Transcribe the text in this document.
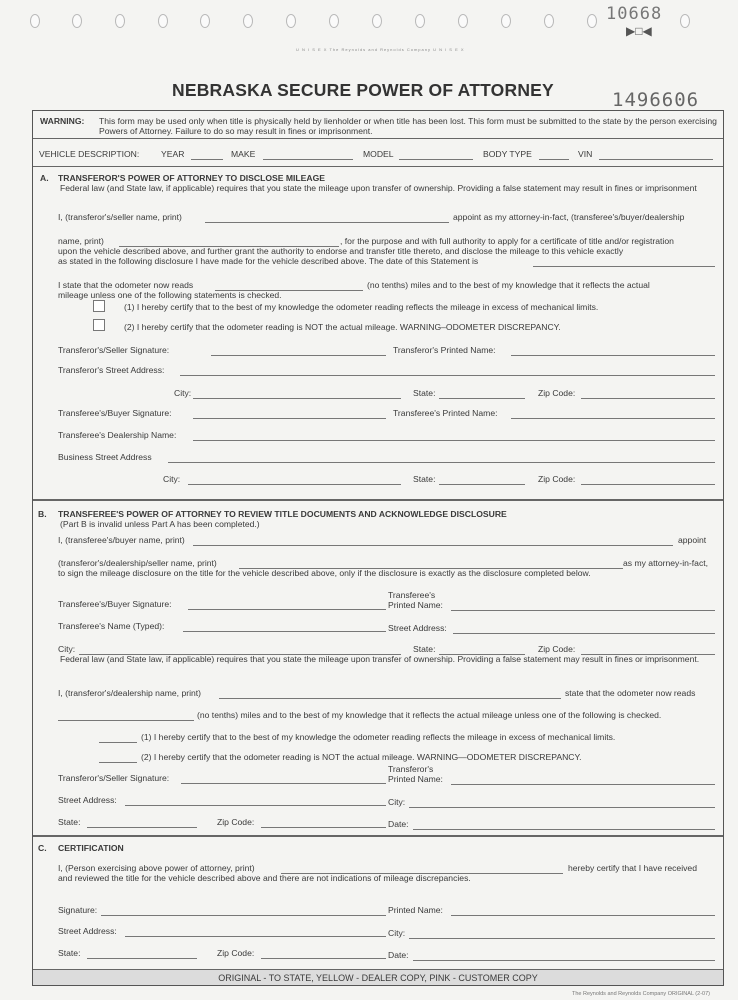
10668
▶□◀
U N I S E X The Reynolds and Reynolds Company U N I S E X
NEBRASKA SECURE POWER OF ATTORNEY	1496606
WARNING: This form may be used only when title is physically held by lienholder or when title has been lost. This form must be submitted to the state by the person exercising Powers of Attorney. Failure to do so may result in fines or imprisonment.
VEHICLE DESCRIPTION:	YEAR	MAKE	MODEL	BODY TYPE	VIN
A. TRANSFEROR'S POWER OF ATTORNEY TO DISCLOSE MILEAGE
Federal law (and State law, if applicable) requires that you state the mileage upon transfer of ownership. Providing a false statement may result in fines or imprisonment
I, (transferor's/seller name, print)	appoint as my attorney-in-fact, (transferee's/buyer/dealership
name, print)	, for the purpose and with full authority to apply for a certificate of title and/or registration
upon the vehicle described above, and further grant the authority to endorse and transfer title thereto, and disclose the mileage to this vehicle exactly
as stated in the following disclosure I have made for the vehicle described above. The date of this Statement is
I state that the odometer now reads	(no tenths) miles and to the best of my knowledge that it reflects the actual
mileage unless one of the following statements is checked.
(1) I hereby certify that to the best of my knowledge the odometer reading reflects the mileage in excess of mechanical limits.
(2) I hereby certify that the odometer reading is NOT the actual mileage. WARNING–ODOMETER DISCREPANCY.
Transferor's/Seller Signature:	Transferor's Printed Name:
Transferor's Street Address:
City:	State:	Zip Code:
Transferee's/Buyer Signature:	Transferee's Printed Name:
Transferee's Dealership Name:
Business Street Address
City:	State:	Zip Code:
B. TRANSFEREE'S POWER OF ATTORNEY TO REVIEW TITLE DOCUMENTS AND ACKNOWLEDGE DISCLOSURE
(Part B is invalid unless Part A has been completed.)
I, (transferee's/buyer name, print)	appoint
(transferor's/dealership/seller name, print)	as my attorney-in-fact,
to sign the mileage disclosure on the title for the vehicle described above, only if the disclosure is exactly as the disclosure completed below.
Transferee's/Buyer Signature:
Transferee's
Printed Name:
Transferee's Name (Typed):	Street Address:
City:	State:	Zip Code:
Federal law (and State law, if applicable) requires that you state the mileage upon transfer of ownership. Providing a false statement may result in fines or imprisonment.
I, (transferor's/dealership name, print)	state that the odometer now reads
(no tenths) miles and to the best of my knowledge that it reflects the actual mileage unless one of the following is checked.
(1) I hereby certify that to the best of my knowledge the odometer reading reflects the mileage in excess of mechanical limits.
(2) I hereby certify that the odometer reading is NOT the actual mileage. WARNING—ODOMETER DISCREPANCY.
Transferor's/Seller Signature:
Transferor's
Printed Name:
Street Address:	City:
State:	Zip Code:	Date:
C. CERTIFICATION
I, (Person exercising above power of attorney, print)	hereby certify that I have received
and reviewed the title for the vehicle described above and there are not indications of mileage discrepancies.
Signature:	Printed Name:
Street Address:	City:
State:	Zip Code:	Date:
ORIGINAL - TO STATE, YELLOW - DEALER COPY, PINK - CUSTOMER COPY
The Reynolds and Reynolds Company ORIGINAL (2-07)
